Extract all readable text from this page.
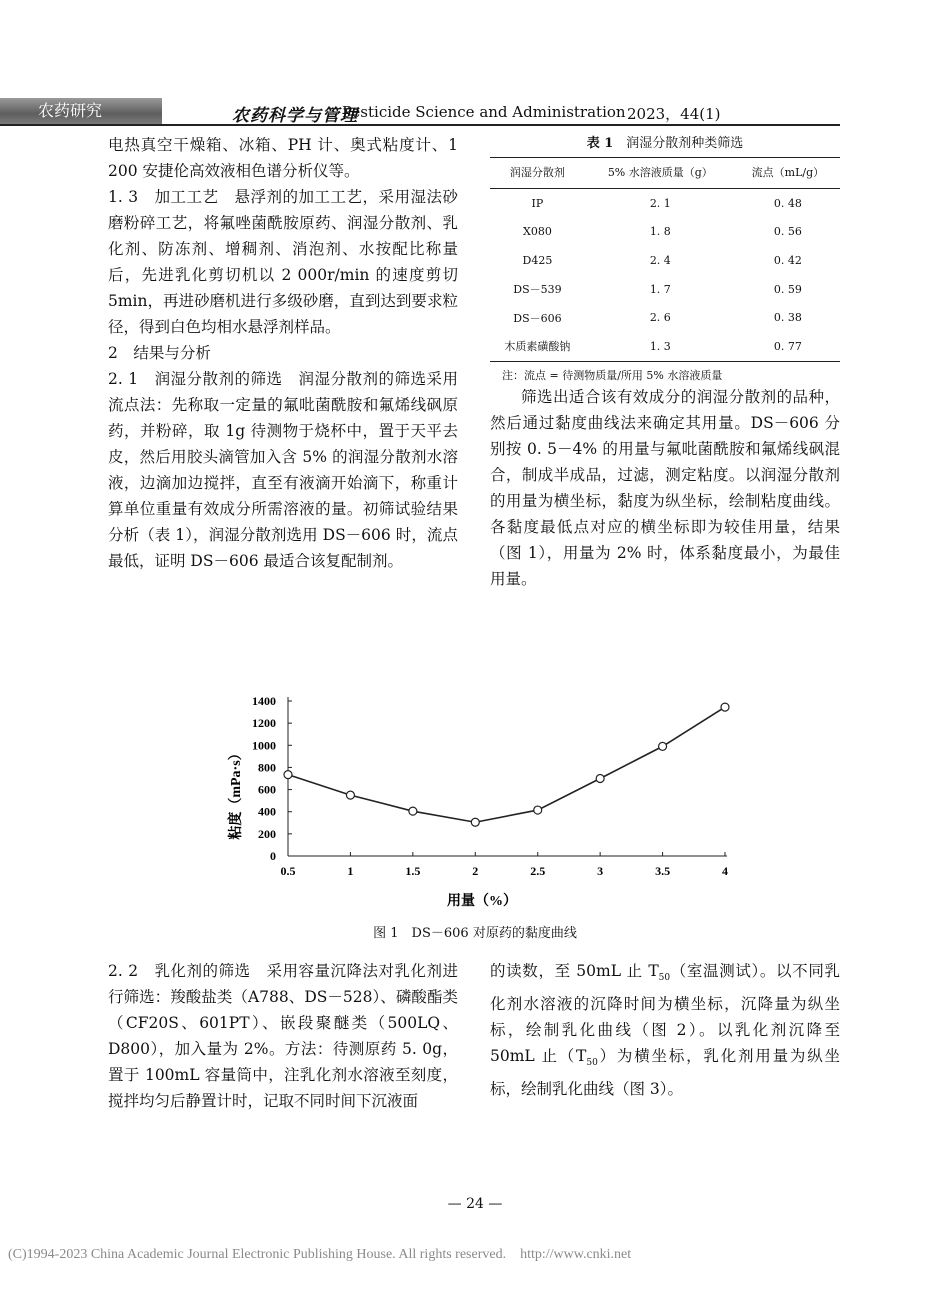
农药研究	农药科学与管理
Pesticide Science and Administration 2023，44(1)

电热真空干燥箱、冰箱、PH 计、奥式粘度计、1 200 安捷伦高效液相色谱分析仪等。

1. 3　加工工艺　悬浮剂的加工工艺，采用湿法砂磨粉碎工艺，将氟唑菌酰胺原药、润湿分散剂、乳化剂、防冻剂、增稠剂、消泡剂、水按配比称量后，先进乳化剪切机以 2 000r/min 的速度剪切 5min，再进砂磨机进行多级砂磨，直到达到要求粒径，得到白色均相水悬浮剂样品。

2　结果与分析

2. 1　润湿分散剂的筛选　润湿分散剂的筛选采用流点法：先称取一定量的氟吡菌酰胺和氟烯线砜原药，并粉碎，取 1g 待测物于烧杯中，置于天平去皮，然后用胶头滴管加入含 5% 的润湿分散剂水溶液，边滴加边搅拌，直至有液滴开始滴下，称重计算单位重量有效成分所需溶液的量。初筛试验结果分析（表 1），润湿分散剂选用 DS－606 时，流点最低，证明 DS－606 最适合该复配制剂。

表 1　 润湿分散剂种类筛选
润湿分散剂	5% 水溶液质量（g）	流点（mL/g）
IP	2. 1	0. 48
X080	1. 8	0. 56
D425	2. 4	0. 42
DS－539	1. 7	0. 59
DS－606	2. 6	0. 38
木质素磺酸钠	1. 3	0. 77
注：流点 = 待测物质量/所用 5% 水溶液质量
筛选出适合该有效成分的润湿分散剂的品种，然后通过黏度曲线法来确定其用量。DS－606 分别按 0. 5－4% 的用量与氟吡菌酰胺和氟烯线砜混合，制成半成品，过滤，测定粘度。以润湿分散剂的用量为横坐标，黏度为纵坐标，绘制粘度曲线。各黏度最低点对应的横坐标即为较佳用量，结果（图 1），用量为 2% 时，体系黏度最小，为最佳用量。
0
200
400
600
800
1000
1200
1400
0.5	1	1.5	2	2.5	3	3.5	4
用量（%）
粘度（mPa·s）
图 1　DS－606 对原药的黏度曲线
2. 2　乳化剂的筛选　采用容量沉降法对乳化剂进行筛选：羧酸盐类（A788、DS－528）、磷酸酯类（CF20S、601PT）、嵌段聚醚类（500LQ、D800），加入量为 2%。方法：待测原药 5. 0g，置于 100mL 容量筒中，注乳化剂水溶液至刻度，搅拌均匀后静置计时，记取不同时间下沉液面
的读数，至 50mL 止 $T_{50}$（室温测试）。以不同乳化剂水溶液的沉降时间为横坐标，沉降量为纵坐标，绘制乳化曲线（图 2）。以乳化剂沉降至 50mL 止$(T_{50})$为横坐标，乳化剂用量为纵坐标，绘制乳化曲线（图 3）。
— 24 —
(C)1994-2023 China Academic Journal Electronic Publishing House. All rights reserved.　http://www.cnki.net
